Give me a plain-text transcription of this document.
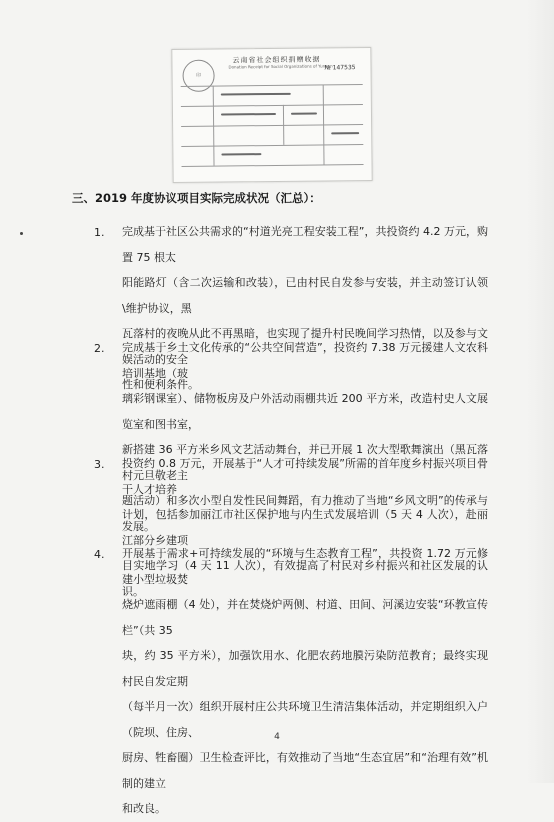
印
云南省社会组织捐赠收据
Donation Receipt for Social Organizations of Yunnan
№ 147535
三、2019 年度协议项目实际完成状况（汇总）：
1. 完成基于社区公共需求的“村道光亮工程安装工程”，共投资约 4.2 万元，购置 75 根太
阳能路灯（含二次运输和改装），已由村民自发参与安装，并主动签订认领\维护协议，黑
瓦落村的夜晚从此不再黑暗，也实现了提升村民晚间学习热情，以及参与文娱活动的安全
性和便利条件。
2. 完成基于乡土文化传承的“公共空间营造”，投资约 7.38 万元援建人文农科培训基地（玻
璃彩钢课室）、储物板房及户外活动雨棚共近 200 平方米，改造村史人文展览室和图书室，
新搭建 36 平方米乡风文艺活动舞台，并已开展 1 次大型歌舞演出（黑瓦落村元旦敬老主
题活动）和多次小型自发性民间舞蹈，有力推动了当地“乡风文明”的传承与发展。
3. 投资约 0.8 万元，开展基于“人才可持续发展”所需的首年度乡村振兴项目骨干人才培养
计划，包括参加丽江市社区保护地与内生式发展培训（5 天 4 人次），赴丽江部分乡建项
目实地学习（4 天 11 人次），有效提高了村民对乡村振兴和社区发展的认识。
4. 开展基于需求+可持续发展的“环境与生态教育工程”，共投资 1.72 万元修建小型垃圾焚
烧炉遮雨棚（4 处），并在焚烧炉两侧、村道、田间、河溪边安装“环教宣传栏”（共 35
块，约 35 平方米），加强饮用水、化肥农药地膜污染防范教育；最终实现村民自发定期
（每半月一次）组织开展村庄公共环境卫生清洁集体活动，并定期组织入户（院坝、住房、
厨房、牲畜圈）卫生检查评比，有效推动了当地“生态宜居”和“治理有效”机制的建立
和改良。
4
